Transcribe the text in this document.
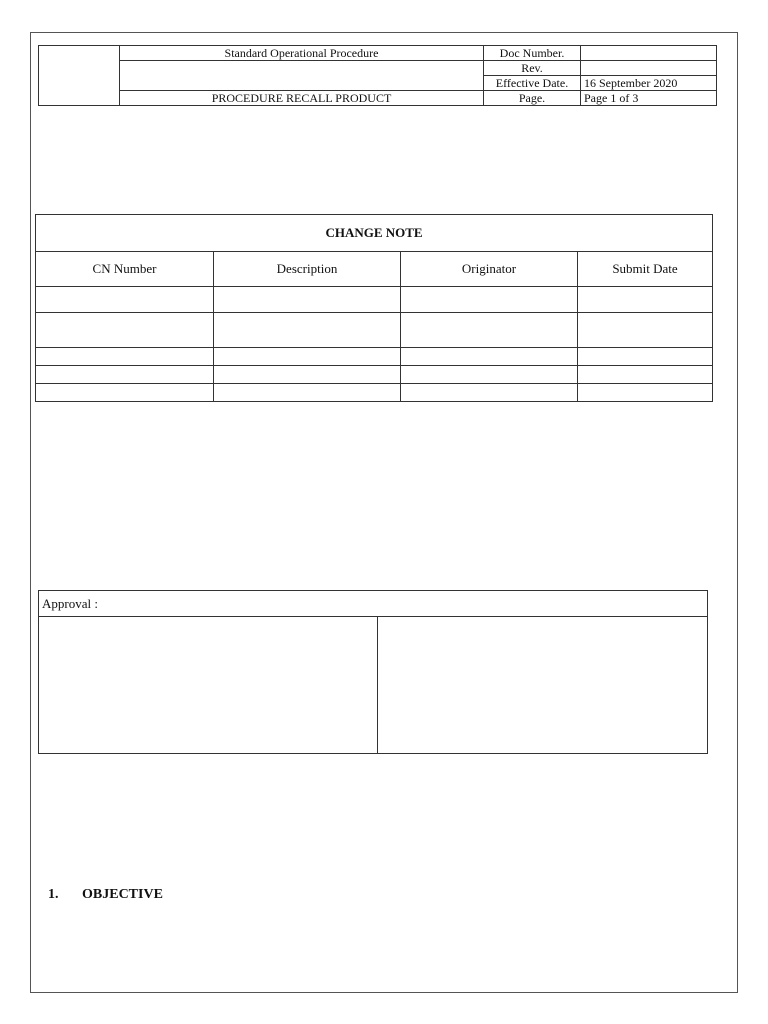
	Standard Operational Procedure	Doc Number.	
		Rev.	
		Effective Date.	16 September 2020
	PROCEDURE RECALL PRODUCT	Page.	Page 1 of 3
CHANGE NOTE			
CN Number	Description	Originator	Submit Date

Approval :

1. OBJECTIVE
